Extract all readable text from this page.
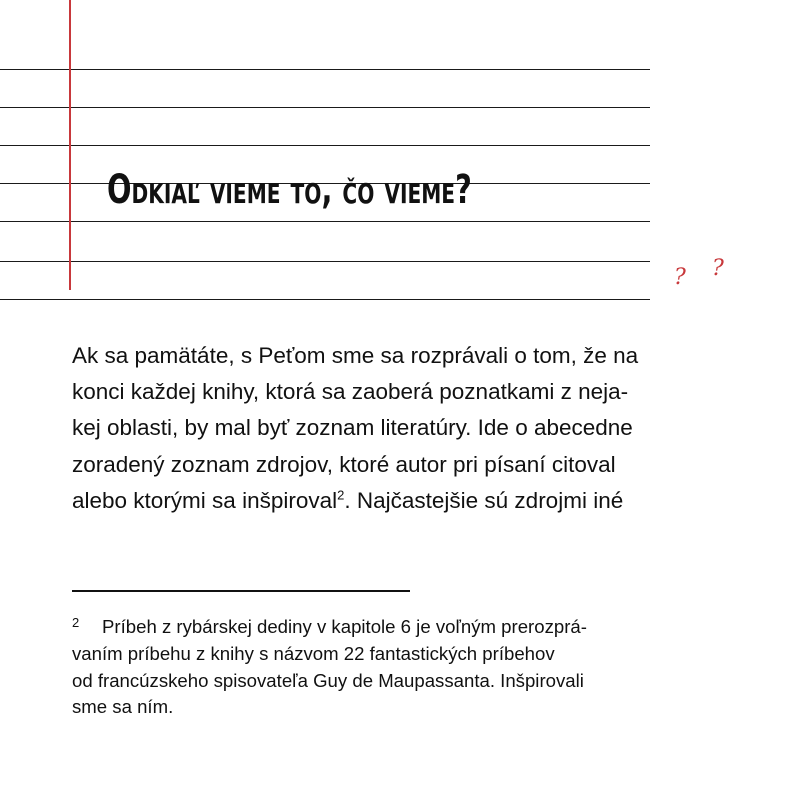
Odkiaľ vieme to, čo vieme?
? ?
Ak sa pamätáte, s Peťom sme sa rozprávali o tom, že na
konci každej knihy, ktorá sa zaoberá poznatkami z neja-
kej oblasti, by mal byť zoznam literatúry. Ide o abecedne
zoradený zoznam zdrojov, ktoré autor pri písaní citoval
alebo ktorými sa inšpiroval$^2$. Najčastejšie sú zdrojmi iné
2 Príbeh z rybárskej dediny v kapitole 6 je voľným prerozprá-
vaním príbehu z knihy s názvom 22 fantastických príbehov
od francúzskeho spisovateľa Guy de Maupassanta. Inšpirovali
sme sa ním.
